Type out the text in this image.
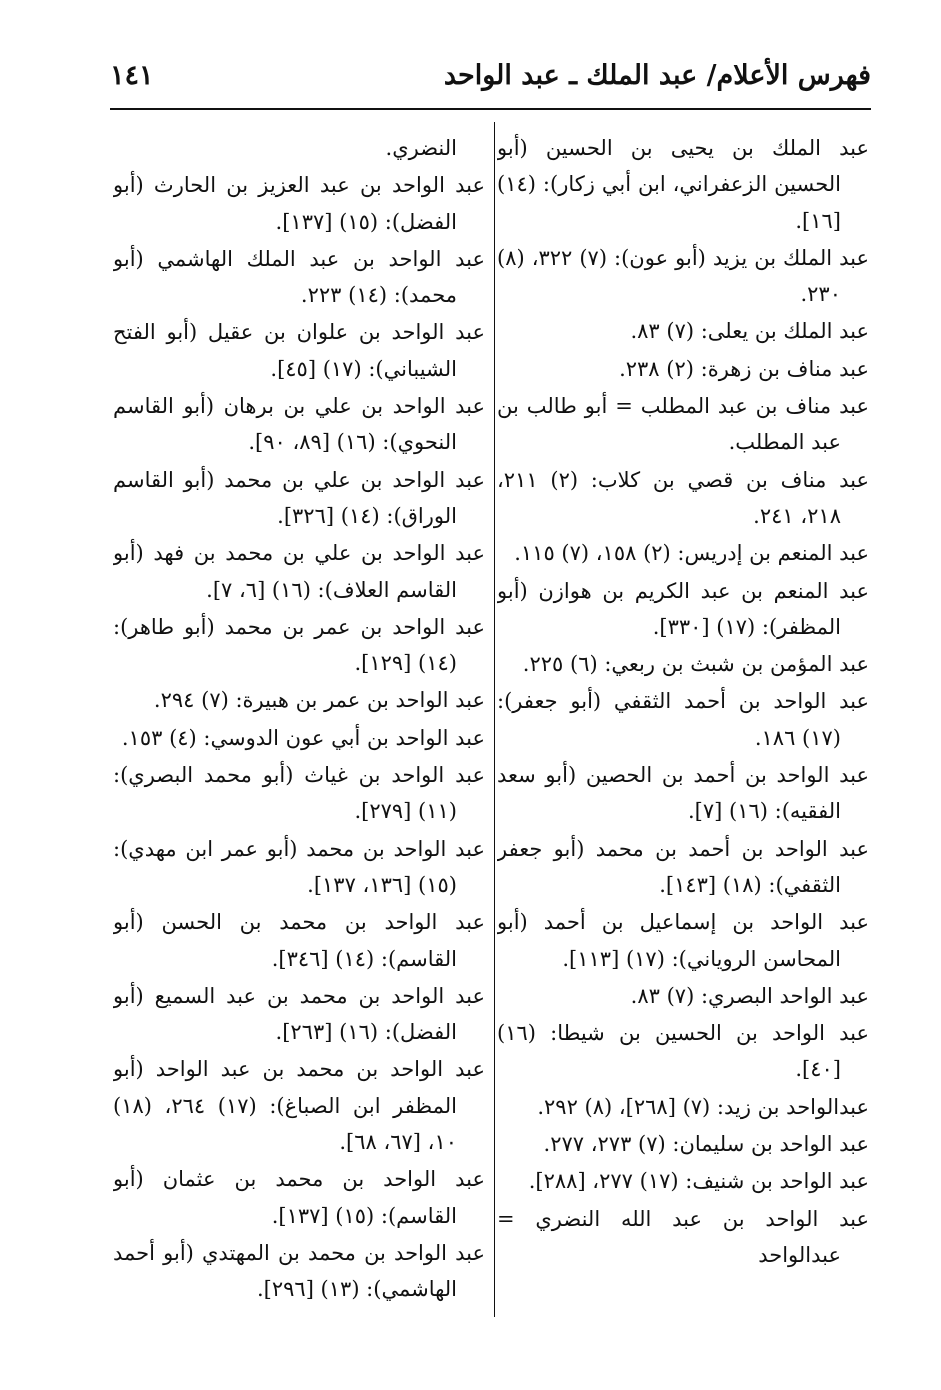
فهرس الأعلام/ عبد الملك ـ عبد الواحد
١٤١

عبد الملك بن يحيى بن الحسين (أبو الحسين الزعفراني، ابن أبي زكار): (١٤) [١٦].

عبد الملك بن يزيد (أبو عون): (٧) ٣٢٢، (٨) ٢٣٠.

عبد الملك بن يعلى: (٧) ٨٣.

عبد مناف بن زهرة: (٢) ٢٣٨.

عبد مناف بن عبد المطلب = أبو طالب بن عبد المطلب.

عبد مناف بن قصي بن كلاب: (٢) ٢١١، ٢١٨، ٢٤١.

عبد المنعم بن إدريس: (٢) ١٥٨، (٧) ١١٥.

عبد المنعم بن عبد الكريم بن هوازن (أبو المظفر): (١٧) [٣٣٠].

عبد المؤمن بن شبث بن ربعي: (٦) ٢٢٥.

عبد الواحد بن أحمد الثقفي (أبو جعفر): (١٧) ١٨٦.

عبد الواحد بن أحمد بن الحصين (أبو سعد الفقيه): (١٦) [٧].

عبد الواحد بن أحمد بن محمد (أبو جعفر الثقفي): (١٨) [١٤٣].

عبد الواحد بن إسماعيل بن أحمد (أبو المحاسن الروياني): (١٧) [١١٣].

عبد الواحد البصري: (٧) ٨٣.

عبد الواحد بن الحسين بن شيطا: (١٦) [٤٠].

عبدالواحد بن زيد: (٧) [٢٦٨]، (٨) ٢٩٢.

عبد الواحد بن سليمان: (٧) ٢٧٣، ٢٧٧.

عبد الواحد بن شنيف: (١٧) ٢٧٧، [٢٨٨].

عبد الواحد بن عبد الله النضري = عبدالواحد

النضري.

عبد الواحد بن عبد العزيز بن الحارث (أبو الفضل): (١٥) [١٣٧].

عبد الواحد بن عبد الملك الهاشمي (أبو محمد): (١٤) ٢٢٣.

عبد الواحد بن علوان بن عقيل (أبو الفتح الشيباني): (١٧) [٤٥].

عبد الواحد بن علي بن برهان (أبو القاسم النحوي): (١٦) [٨٩، ٩٠].

عبد الواحد بن علي بن محمد (أبو القاسم الوراق): (١٤) [٣٢٦].

عبد الواحد بن علي بن محمد بن فهد (أبو القاسم العلاف): (١٦) [٦، ٧].

عبد الواحد بن عمر بن محمد (أبو طاهر): (١٤) [١٢٩].

عبد الواحد بن عمر بن هبيرة: (٧) ٢٩٤.

عبد الواحد بن أبي عون الدوسي: (٤) ١٥٣.

عبد الواحد بن غياث (أبو محمد البصري): (١١) [٢٧٩].

عبد الواحد بن محمد (أبو عمر ابن مهدي): (١٥) [١٣٦، ١٣٧].

عبد الواحد بن محمد بن الحسن (أبو القاسم): (١٤) [٣٤٦].

عبد الواحد بن محمد بن عبد السميع (أبو الفضل): (١٦) [٢٦٣].

عبد الواحد بن محمد بن عبد الواحد (أبو المظفر ابن الصباغ): (١٧) ٢٦٤، (١٨) ١٠، [٦٧، ٦٨].

عبد الواحد بن محمد بن عثمان (أبو القاسم): (١٥) [١٣٧].

عبد الواحد بن محمد بن المهتدي (أبو أحمد الهاشمي): (١٣) [٢٩٦].
